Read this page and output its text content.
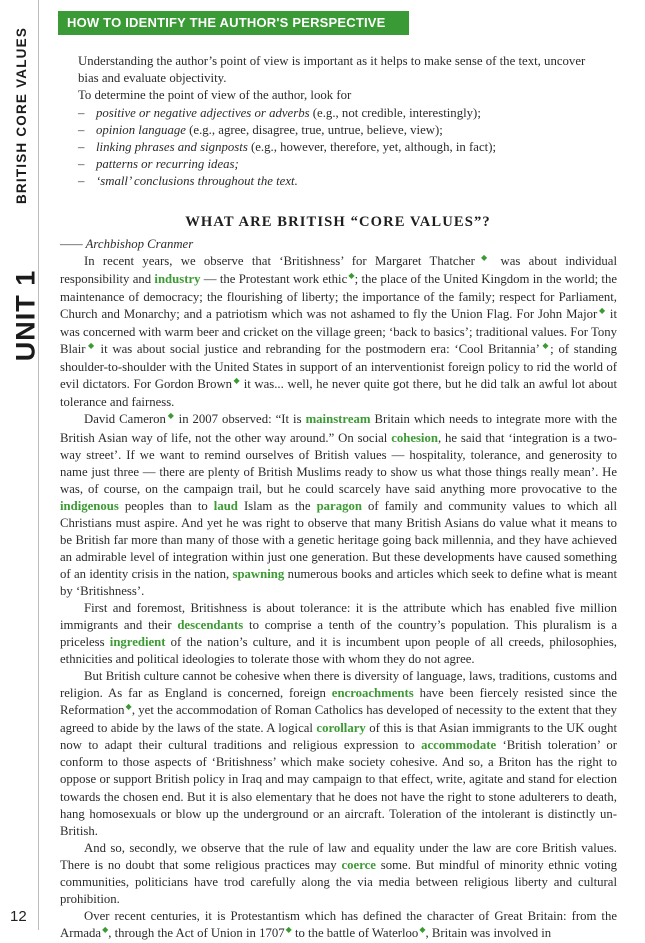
BRITISH CORE VALUES
UNIT 1
12
HOW TO IDENTIFY THE AUTHOR'S PERSPECTIVE

Understanding the author’s point of view is important as it helps to make sense of the text, uncover bias and evaluate objectivity.

To determine the point of view of the author, look for

– positive or negative adjectives or adverbs (e.g., not credible, interestingly);
– opinion language (e.g., agree, disagree, true, untrue, believe, view);
– linking phrases and signposts (e.g., however, therefore, yet, although, in fact);
– patterns or recurring ideas;
– ‘small’ conclusions throughout the text.
WHAT ARE BRITISH “CORE VALUES”?

—— Archbishop Cranmer

In recent years, we observe that ‘Britishness’ for Margaret Thatcher◆ was about individual responsibility and industry — the Protestant work ethic◆; the place of the United Kingdom in the world; the maintenance of democracy; the flourishing of liberty; the importance of the family; respect for Parliament, Church and Monarchy; and a patriotism which was not ashamed to fly the Union Flag. For John Major◆ it was concerned with warm beer and cricket on the village green; ‘back to basics’; traditional values. For Tony Blair◆ it was about social justice and rebranding for the postmodern era: ‘Cool Britannia’◆; of standing shoulder-to-shoulder with the United States in support of an interventionist foreign policy to rid the world of evil dictators. For Gordon Brown◆ it was... well, he never quite got there, but he did talk an awful lot about tolerance and fairness.

David Cameron◆ in 2007 observed: “It is mainstream Britain which needs to integrate more with the British Asian way of life, not the other way around.” On social cohesion, he said that ‘integration is a two-way street’. If we want to remind ourselves of British values — hospitality, tolerance, and generosity to name just three — there are plenty of British Muslims ready to show us what those things really mean’. He was, of course, on the campaign trail, but he could scarcely have said anything more provocative to the indigenous peoples than to laud Islam as the paragon of family and community values to which all Christians must aspire. And yet he was right to observe that many British Asians do value what it means to be British far more than many of those with a genetic heritage going back millennia, and they have achieved an admirable level of integration within just one generation. But these developments have caused something of an identity crisis in the nation, spawning numerous books and articles which seek to define what is meant by ‘Britishness’.

First and foremost, Britishness is about tolerance: it is the attribute which has enabled five million immigrants and their descendants to comprise a tenth of the country’s population. This pluralism is a priceless ingredient of the nation’s culture, and it is incumbent upon people of all creeds, philosophies, ethnicities and political ideologies to tolerate those with whom they do not agree.

But British culture cannot be cohesive when there is diversity of language, laws, traditions, customs and religion. As far as England is concerned, foreign encroachments have been fiercely resisted since the Reformation◆, yet the accommodation of Roman Catholics has developed of necessity to the extent that they agreed to abide by the laws of the state. A logical corollary of this is that Asian immigrants to the UK ought now to adapt their cultural traditions and religious expression to accommodate ‘British toleration’ or conform to those aspects of ‘Britishness’ which make society cohesive. And so, a Briton has the right to oppose or support British policy in Iraq and may campaign to that effect, write, agitate and stand for election towards the chosen end. But it is also elementary that he does not have the right to stone adulterers to death, hang homosexuals or blow up the underground or an aircraft. Toleration of the intolerant is distinctly un-British.

And so, secondly, we observe that the rule of law and equality under the law are core British values. There is no doubt that some religious practices may coerce some. But mindful of minority ethnic voting communities, politicians have trod carefully along the via media between religious liberty and cultural prohibition.

Over recent centuries, it is Protestantism which has defined the character of Great Britain: from the Armada◆, through the Act of Union in 1707◆ to the battle of Waterloo◆, Britain was involved in
